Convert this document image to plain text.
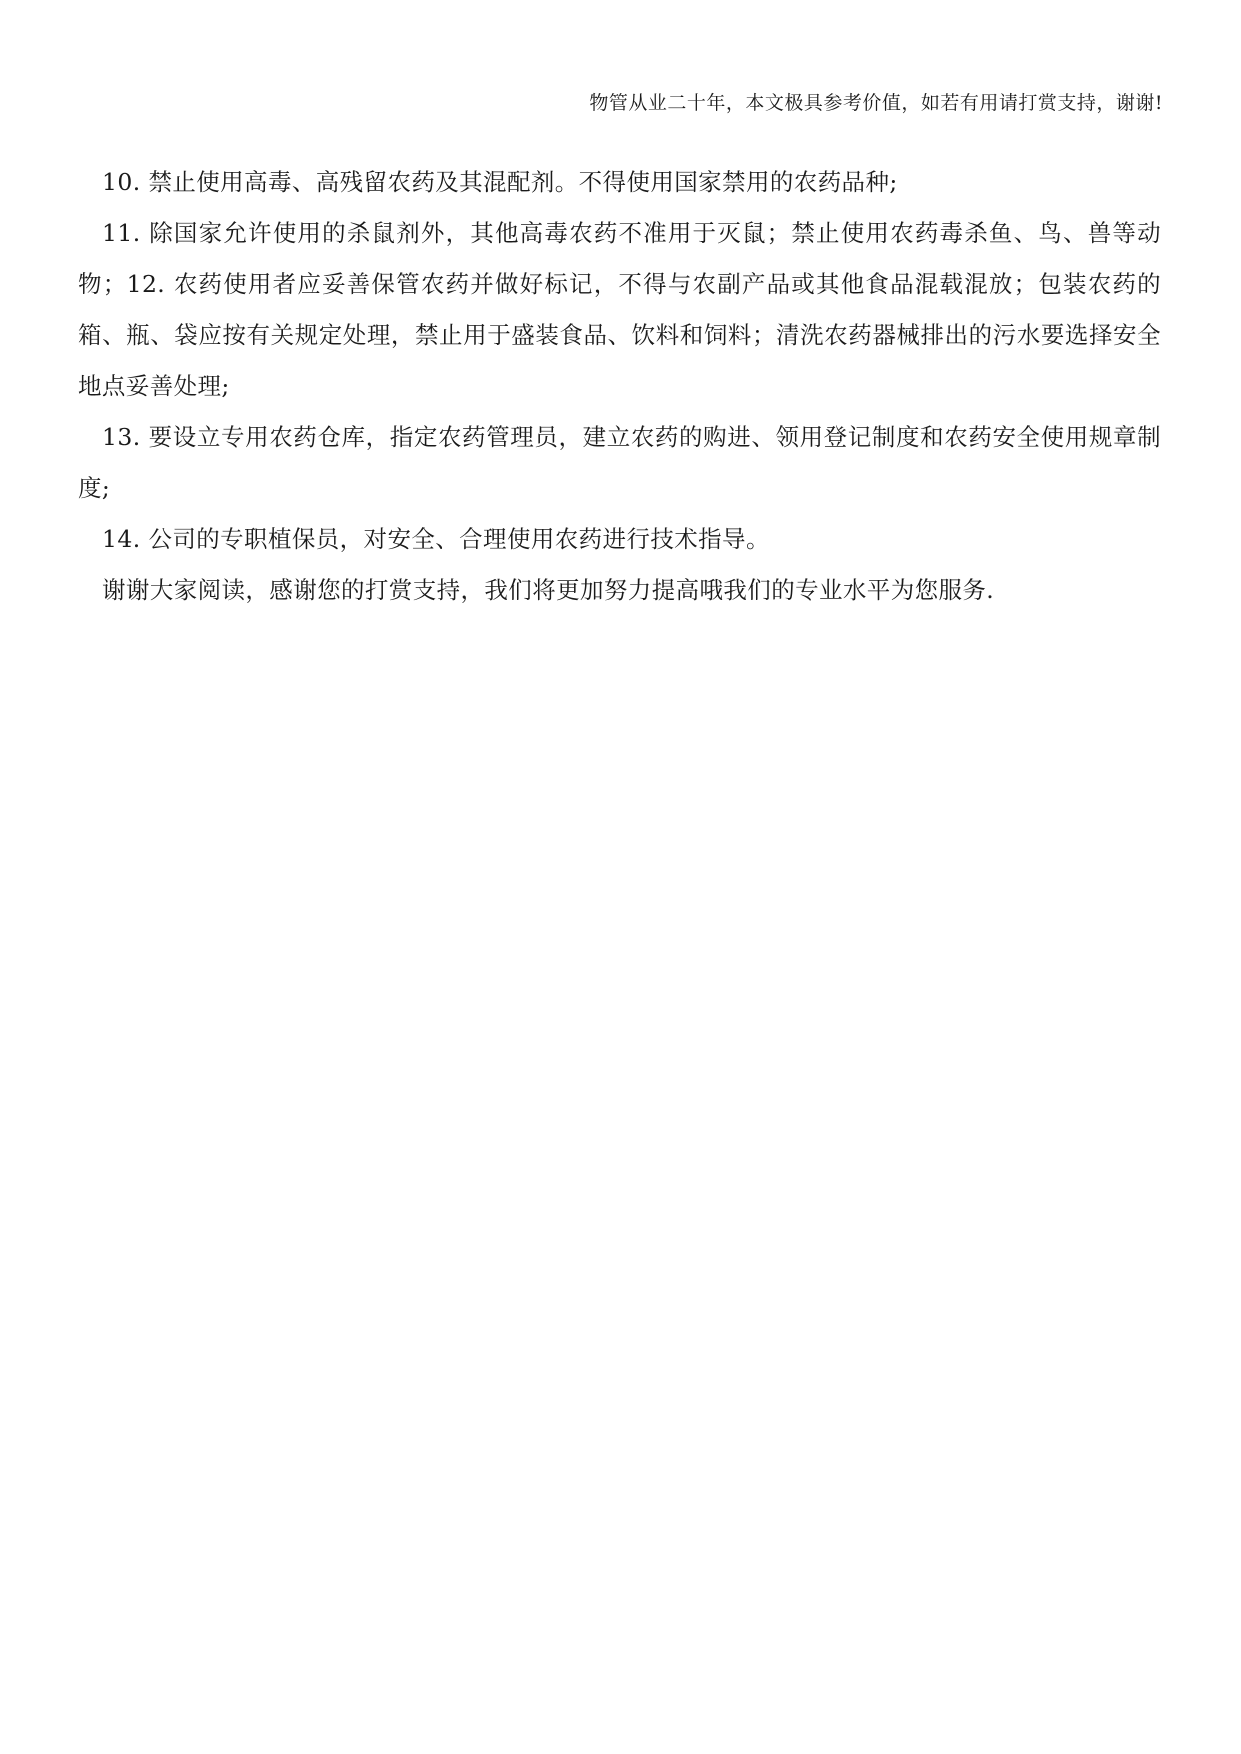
物管从业二十年，本文极具参考价值，如若有用请打赏支持，谢谢!

10. 禁止使用高毒、高残留农药及其混配剂。不得使用国家禁用的农药品种;

11. 除国家允许使用的杀鼠剂外，其他高毒农药不准用于灭鼠；禁止使用农药毒杀鱼、鸟、兽等动物；12. 农药使用者应妥善保管农药并做好标记，不得与农副产品或其他食品混载混放；包装农药的箱、瓶、袋应按有关规定处理，禁止用于盛装食品、饮料和饲料；清洗农药器械排出的污水要选择安全地点妥善处理;

13. 要设立专用农药仓库，指定农药管理员，建立农药的购进、领用登记制度和农药安全使用规章制度;

14. 公司的专职植保员，对安全、合理使用农药进行技术指导。

谢谢大家阅读，感谢您的打赏支持，我们将更加努力提高哦我们的专业水平为您服务.
